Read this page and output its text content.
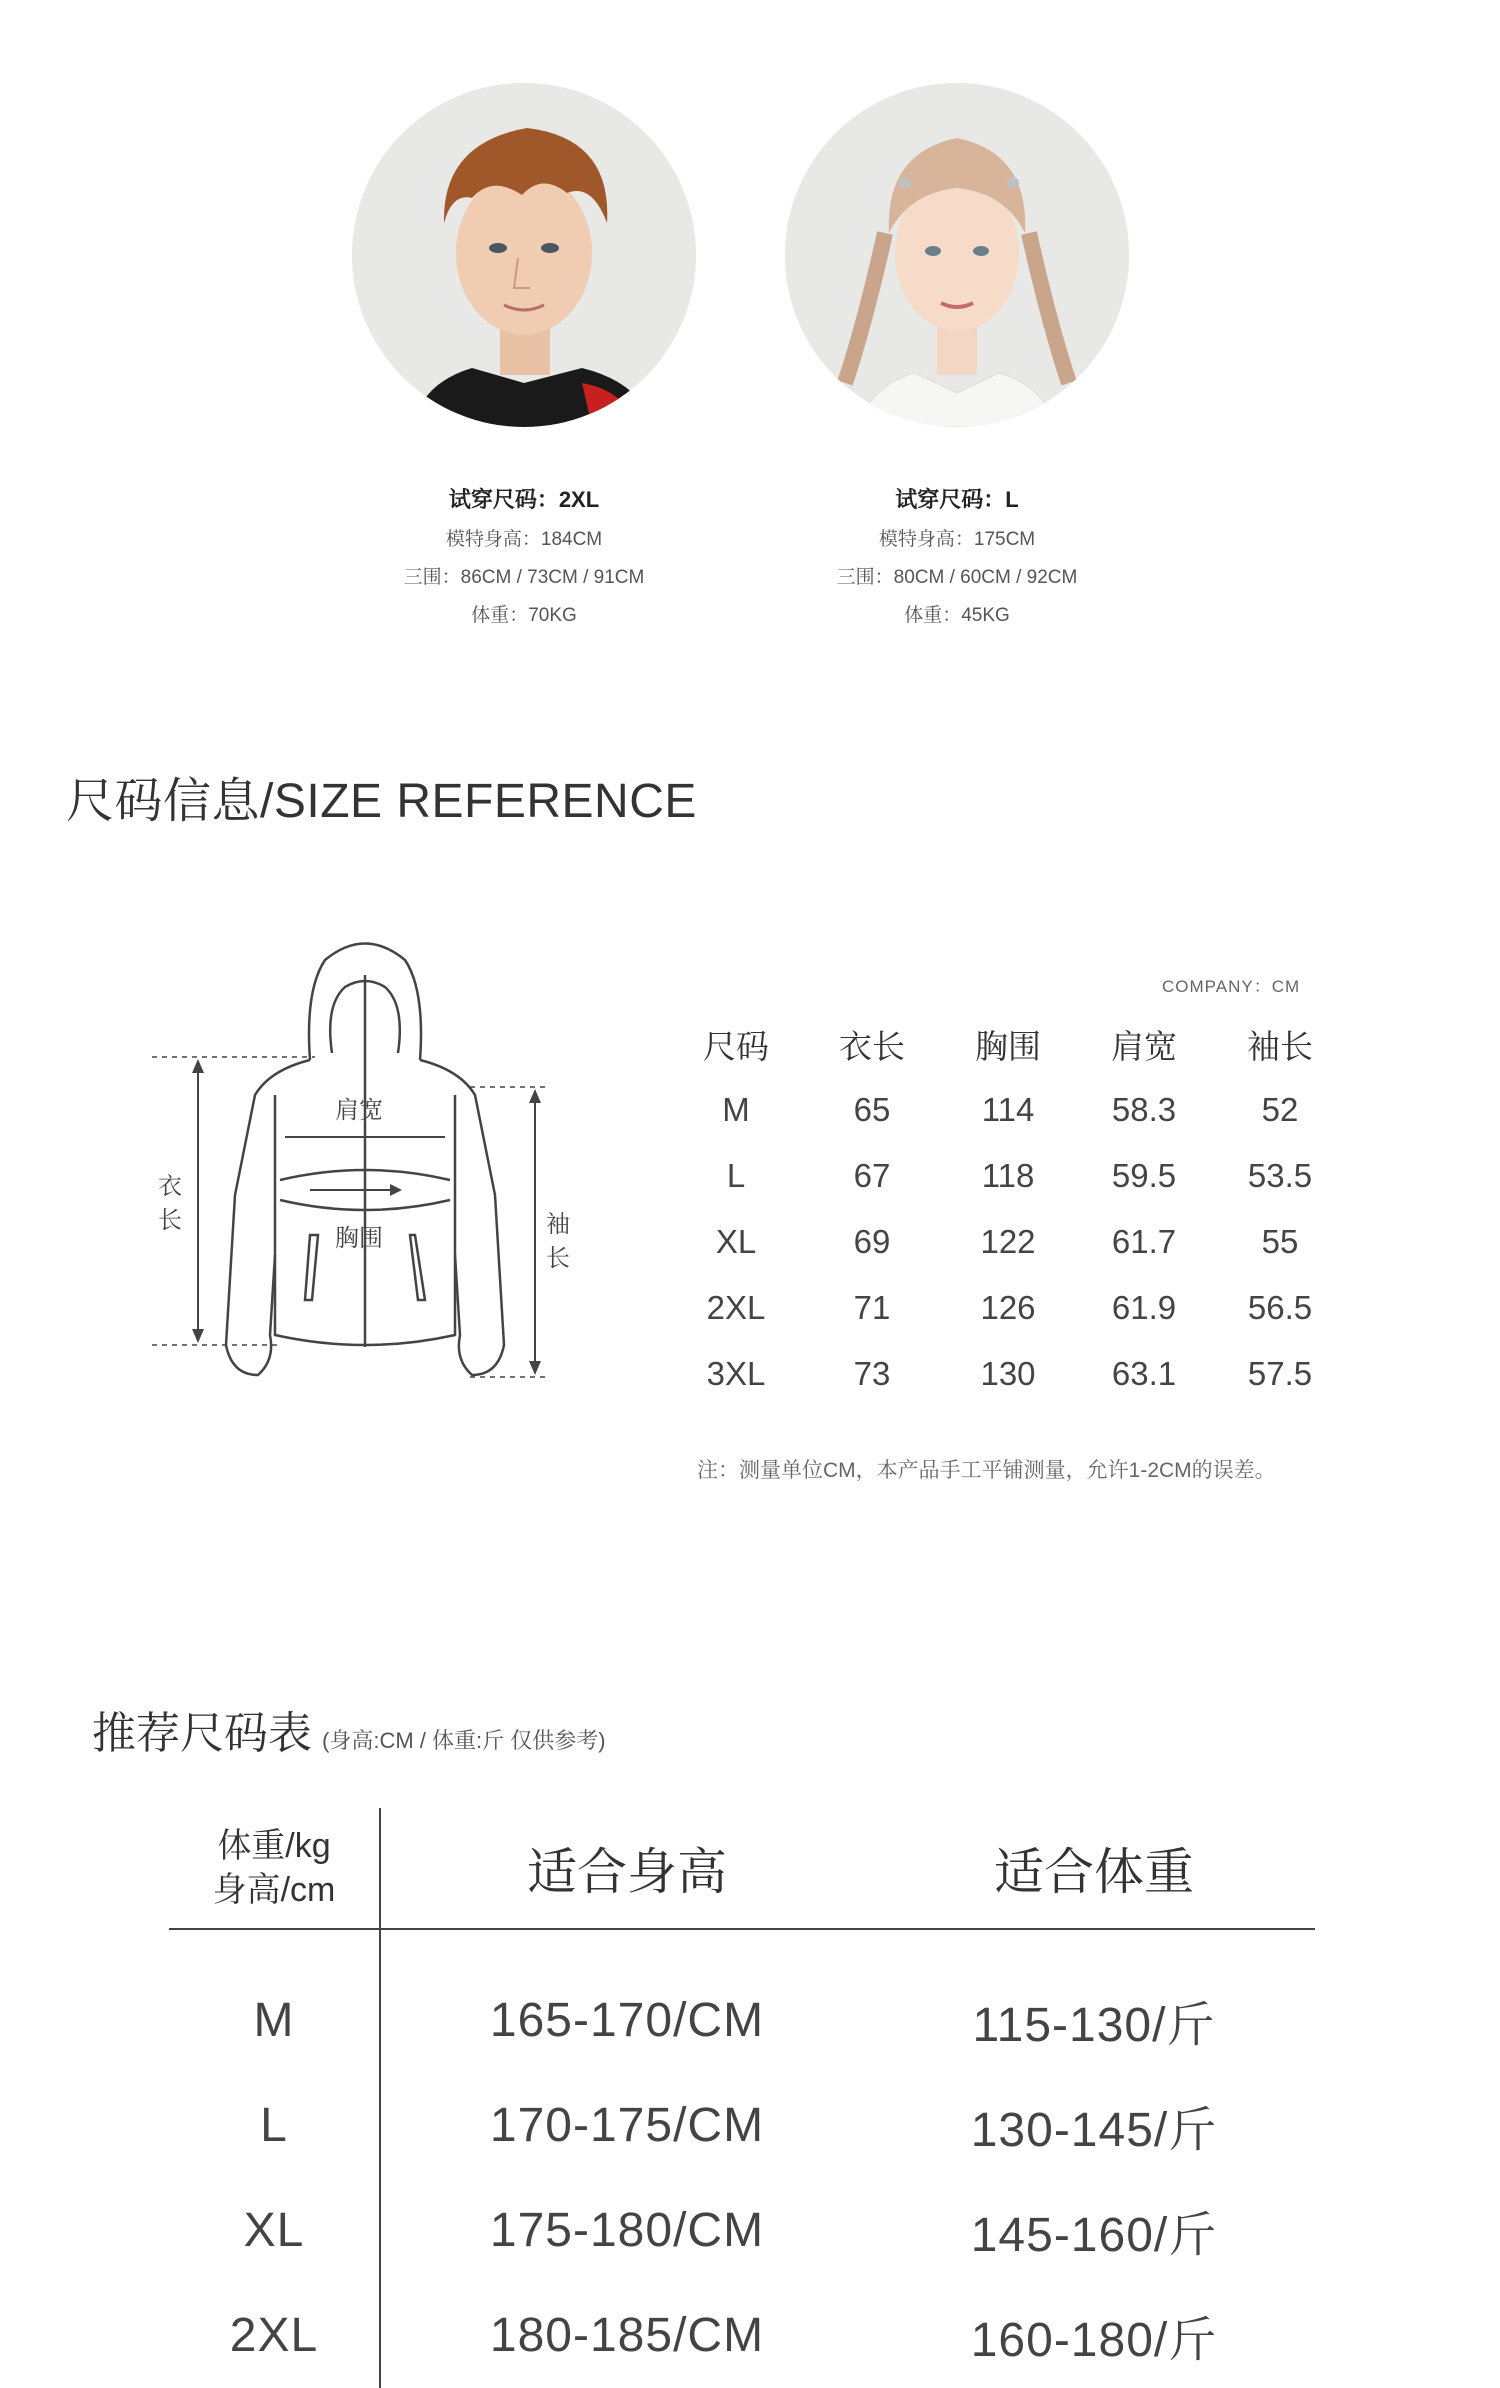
试穿尺码：2XL
模特身高：184CM
三围：86CM / 73CM / 91CM
体重：70KG
试穿尺码：L
模特身高：175CM
三围：80CM / 60CM / 92CM
体重：45KG
尺码信息/SIZE REFERENCE
衣长
肩宽
胸围
袖长
COMPANY：CM
尺码	衣长	胸围	肩宽	袖长
M	65	114	58.3	52
L	67	118	59.5	53.5
XL	69	122	61.7	55
2XL	71	126	61.9	56.5
3XL	73	130	63.1	57.5
注：测量单位CM，本产品手工平铺测量，允许1-2CM的误差。
推荐尺码表 (身高:CM / 体重:斤 仅供参考)
体重/kg
身高/cm	适合身高	适合体重

M	165-170/CM	115-130/斤
L	170-175/CM	130-145/斤
XL	175-180/CM	145-160/斤
2XL	180-185/CM	160-180/斤
